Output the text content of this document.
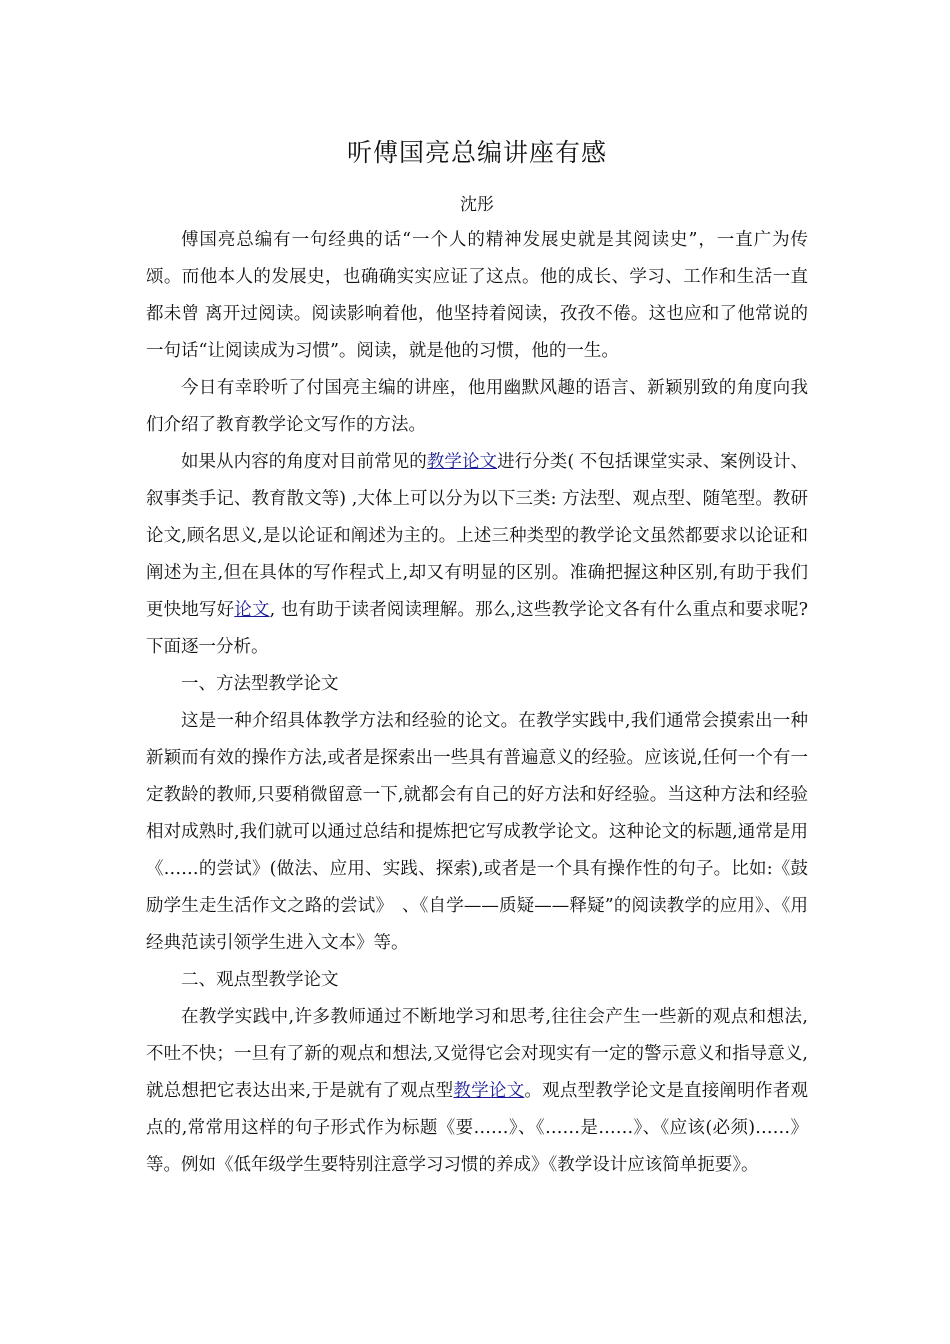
听傅国亮总编讲座有感
沈彤

傅国亮总编有一句经典的话“一个人的精神发展史就是其阅读史”，一直广为传颂。而他本人的发展史，也确确实实应证了这点。他的成长、学习、工作和生活一直都未曾 离开过阅读。阅读影响着他，他坚持着阅读，孜孜不倦。这也应和了他常说的一句话“让阅读成为习惯”。阅读，就是他的习惯，他的一生。

今日有幸聆听了付国亮主编的讲座，他用幽默风趣的语言、新颖别致的角度向我们介绍了教育教学论文写作的方法。

如果从内容的角度对目前常见的教学论文进行分类( 不包括课堂实录、案例设计、叙事类手记、教育散文等) ,大体上可以分为以下三类: 方法型、观点型、随笔型。教研论文,顾名思义,是以论证和阐述为主的。上述三种类型的教学论文虽然都要求以论证和阐述为主,但在具体的写作程式上,却又有明显的区别。准确把握这种区别,有助于我们更快地写好论文, 也有助于读者阅读理解。那么,这些教学论文各有什么重点和要求呢? 下面逐一分析。

一、方法型教学论文

这是一种介绍具体教学方法和经验的论文。在教学实践中,我们通常会摸索出一种新颖而有效的操作方法,或者是探索出一些具有普遍意义的经验。应该说,任何一个有一定教龄的教师,只要稍微留意一下,就都会有自己的好方法和好经验。当这种方法和经验相对成熟时,我们就可以通过总结和提炼把它写成教学论文。这种论文的标题,通常是用《……的尝试》(做法、应用、实践、探索),或者是一个具有操作性的句子。比如:《鼓励学生走生活作文之路的尝试》　、《自学——质疑——释疑”的阅读教学的应用》、《用经典范读引领学生进入文本》等。

二、观点型教学论文

在教学实践中,许多教师通过不断地学习和思考,往往会产生一些新的观点和想法,不吐不快；一旦有了新的观点和想法,又觉得它会对现实有一定的警示意义和指导意义, 就总想把它表达出来,于是就有了观点型教学论文。观点型教学论文是直接阐明作者观点的,常常用这样的句子形式作为标题《要……》、《……是……》、《应该(必须)……》等。例如《低年级学生要特别注意学习习惯的养成》《教学设计应该简单扼要》。
